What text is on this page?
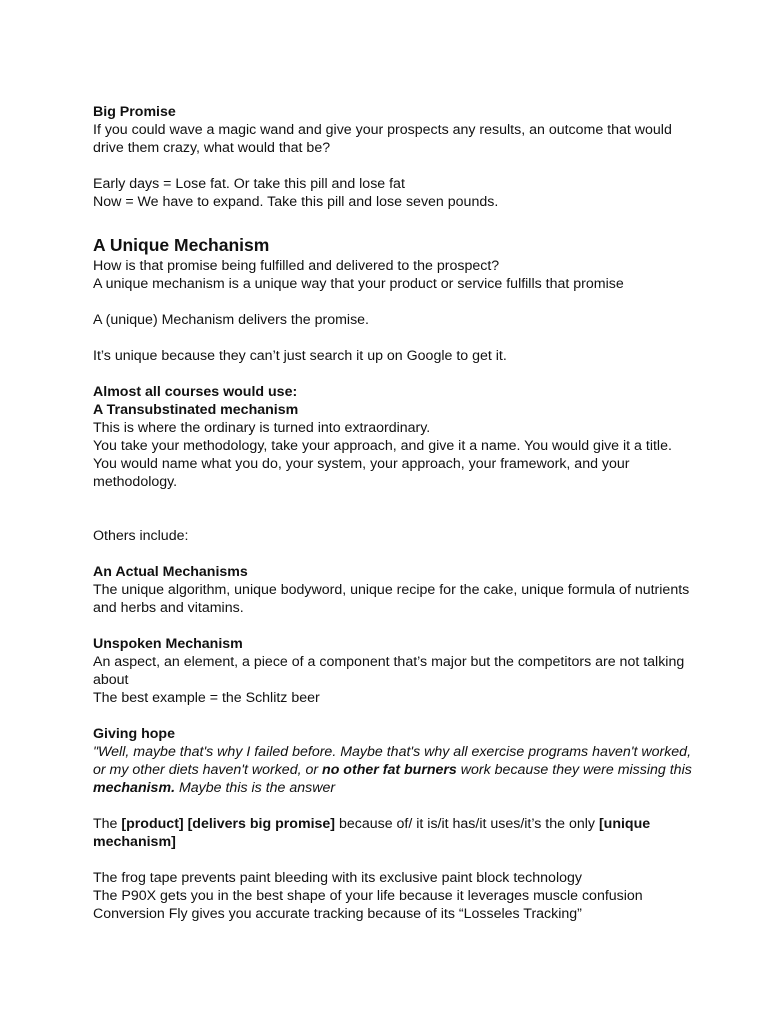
Big Promise

If you could wave a magic wand and give your prospects any results, an outcome that would drive them crazy, what would that be?

Early days = Lose fat. Or take this pill and lose fat

Now = We have to expand. Take this pill and lose seven pounds.

A Unique Mechanism

How is that promise being fulfilled and delivered to the prospect?

A unique mechanism is a unique way that your product or service fulfills that promise

A (unique) Mechanism delivers the promise.

It’s unique because they can’t just search it up on Google to get it.

Almost all courses would use:

A Transubstinated mechanism

This is where the ordinary is turned into extraordinary.

You take your methodology, take your approach, and give it a name. You would give it a title.

You would name what you do, your system, your approach, your framework, and your methodology.

Others include:

An Actual Mechanisms

The unique algorithm, unique bodyword, unique recipe for the cake, unique formula of nutrients and herbs and vitamins.

Unspoken Mechanism

An aspect, an element, a piece of a component that’s major but the competitors are not talking about

The best example = the Schlitz beer

Giving hope

"Well, maybe that's why I failed before. Maybe that's why all exercise programs haven't worked, or my other diets haven't worked, or no other fat burners work because they were missing this mechanism. Maybe this is the answer

The [product] [delivers big promise] because of/ it is/it has/it uses/it’s the only [unique mechanism]

The frog tape prevents paint bleeding with its exclusive paint block technology

The P90X gets you in the best shape of your life because it leverages muscle confusion

Conversion Fly gives you accurate tracking because of its “Losseles Tracking”
